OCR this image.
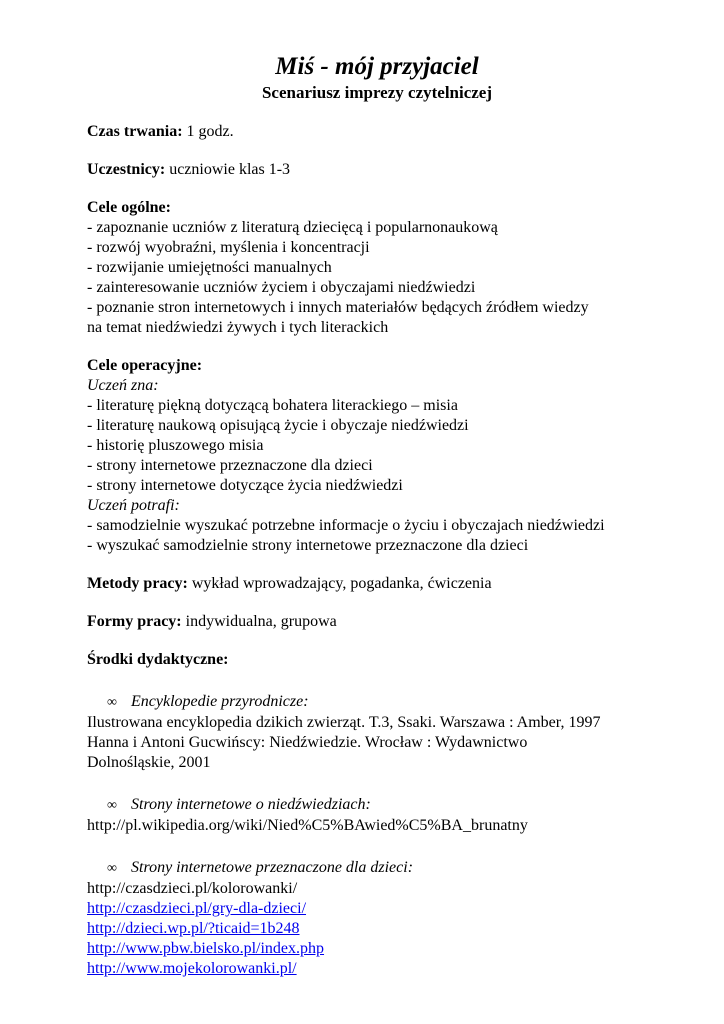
Miś - mój przyjaciel

Scenariusz imprezy czytelniczej

Czas trwania: 1 godz.

Uczestnicy: uczniowie klas 1-3

Cele ogólne:

- zapoznanie uczniów z literaturą dziecięcą i popularnonaukową

- rozwój wyobraźni, myślenia i koncentracji

- rozwijanie umiejętności manualnych

- zainteresowanie uczniów życiem i obyczajami niedźwiedzi

- poznanie stron internetowych i innych materiałów będących źródłem wiedzy

na temat niedźwiedzi żywych i tych literackich

Cele operacyjne:

Uczeń zna:

- literaturę piękną dotyczącą bohatera literackiego – misia

- literaturę naukową opisującą życie i obyczaje niedźwiedzi

- historię pluszowego misia

- strony internetowe przeznaczone dla dzieci

- strony internetowe dotyczące życia niedźwiedzi

Uczeń potrafi:

- samodzielnie wyszukać potrzebne informacje o życiu i obyczajach niedźwiedzi

- wyszukać samodzielnie strony internetowe przeznaczone dla dzieci

Metody pracy: wykład wprowadzający, pogadanka, ćwiczenia

Formy pracy: indywidualna, grupowa

Środki dydaktyczne:

∞ Encyklopedie przyrodnicze:

Ilustrowana encyklopedia dzikich zwierząt. T.3, Ssaki. Warszawa : Amber, 1997

Hanna i Antoni Gucwińscy: Niedźwiedzie. Wrocław : Wydawnictwo

Dolnośląskie, 2001

∞ Strony internetowe o niedźwiedziach:

http://pl.wikipedia.org/wiki/Nied%C5%BAwied%C5%BA_brunatny

∞ Strony internetowe przeznaczone dla dzieci:

http://czasdzieci.pl/kolorowanki/

http://czasdzieci.pl/gry-dla-dzieci/
http://dzieci.wp.pl/?ticaid=1b248
http://www.pbw.bielsko.pl/index.php
http://www.mojekolorowanki.pl/
